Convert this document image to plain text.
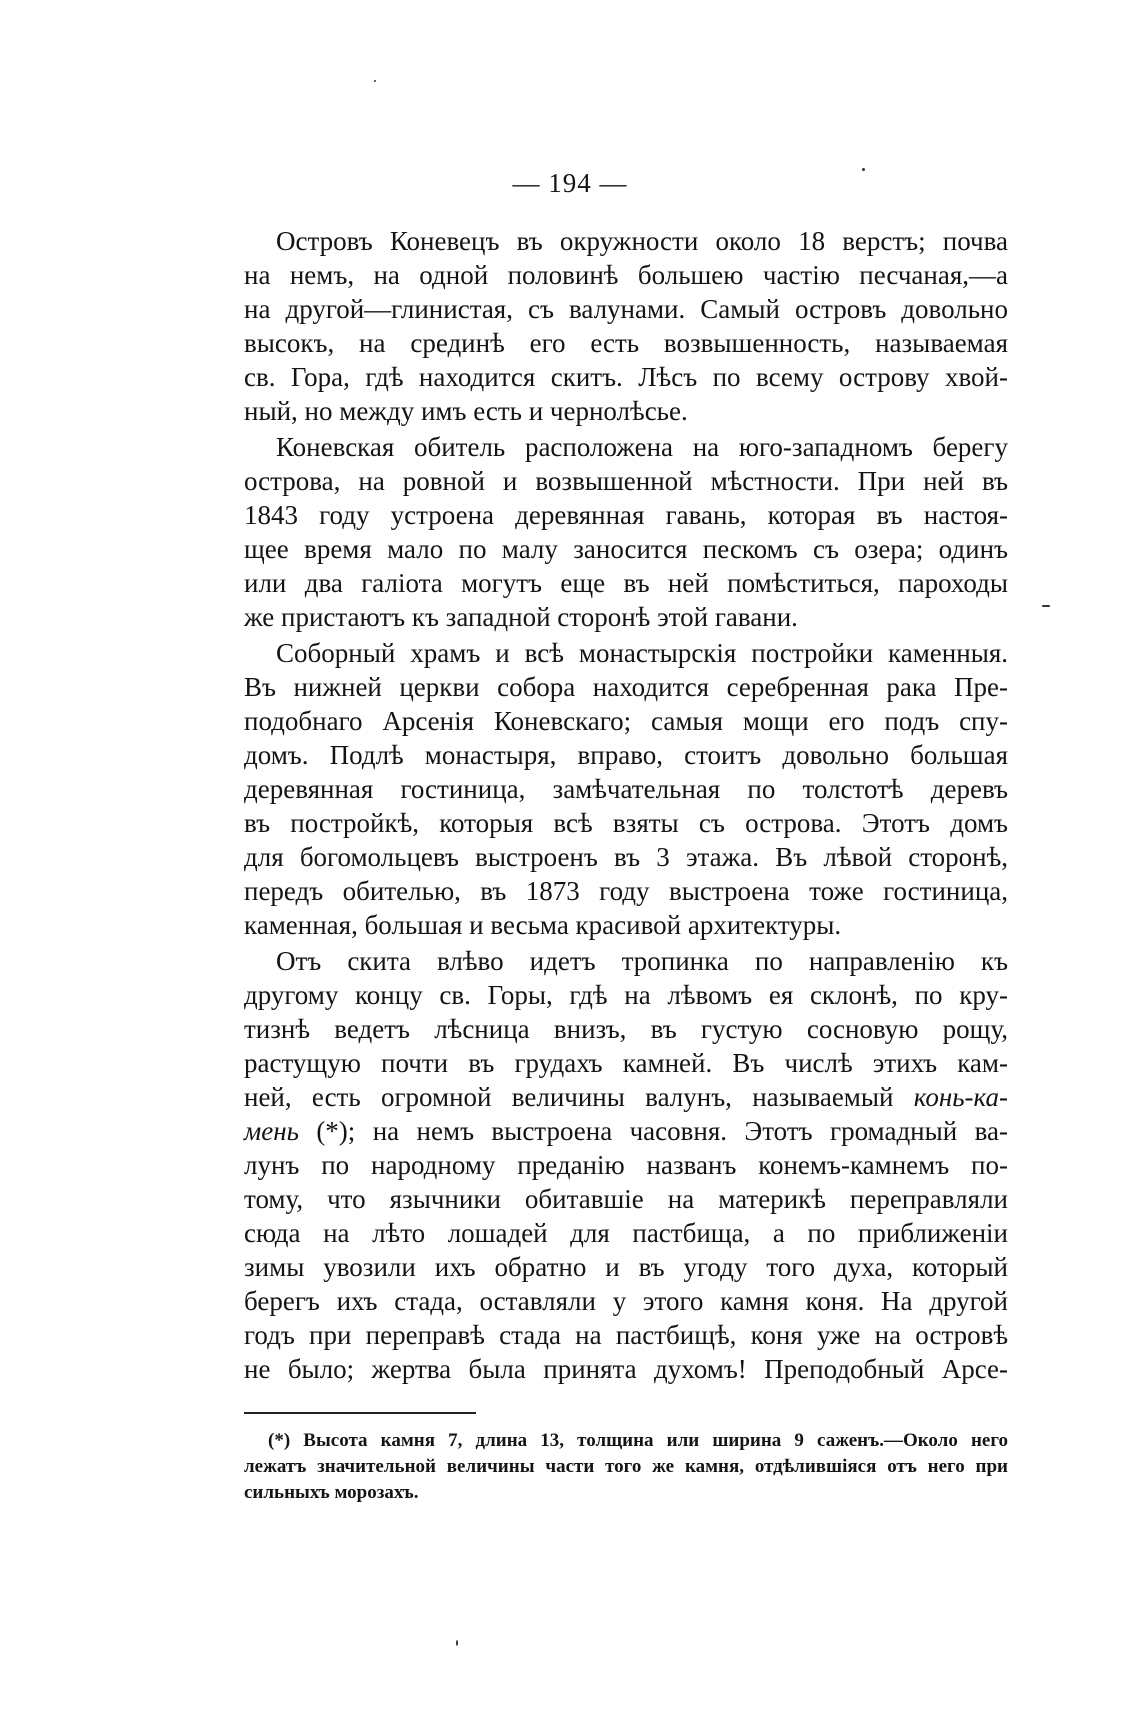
— 194 —
Островъ Коневецъ въ окружности около 18 верстъ; почва
на немъ, на одной половинѣ большею частію песчаная,—а
на другой—глинистая, съ валунами. Самый островъ довольно
высокъ, на срединѣ его есть возвышенность, называемая
св. Гора, гдѣ находится скитъ. Лѣсъ по всему острову хвой-
ный, но между имъ есть и чернолѣсье.
Коневская обитель расположена на юго-западномъ берегу
острова, на ровной и возвышенной мѣстности. При ней въ
1843 году устроена деревянная гавань, которая въ настоя-
щее время мало по малу заносится пескомъ съ озера; одинъ
или два галіота могутъ еще въ ней помѣститься, пароходы
же пристаютъ къ западной сторонѣ этой гавани.
Соборный храмъ и всѣ монастырскія постройки каменныя.
Въ нижней церкви собора находится серебренная рака Пре-
подобнаго Арсенія Коневскаго; самыя мощи его подъ спу-
домъ. Подлѣ монастыря, вправо, стоитъ довольно большая
деревянная гостиница, замѣчательная по толстотѣ деревъ
въ постройкѣ, которыя всѣ взяты съ острова. Этотъ домъ
для богомольцевъ выстроенъ въ 3 этажа. Въ лѣвой сторонѣ,
передъ обителью, въ 1873 году выстроена тоже гостиница,
каменная, большая и весьма красивой архитектуры.
Отъ скита влѣво идетъ тропинка по направленію къ
другому концу св. Горы, гдѣ на лѣвомъ ея склонѣ, по кру-
тизнѣ ведетъ лѣсница внизъ, въ густую сосновую рощу,
растущую почти въ грудахъ камней. Въ числѣ этихъ кам-
ней, есть огромной величины валунъ, называемый конь-ка-
мень (*); на немъ выстроена часовня. Этотъ громадный ва-
лунъ по народному преданію названъ конемъ-камнемъ по-
тому, что язычники обитавшіе на материкѣ переправляли
сюда на лѣто лошадей для пастбища, а по приближеніи
зимы увозили ихъ обратно и въ угоду того духа, который
берегъ ихъ стада, оставляли у этого камня коня. На другой
годъ при переправѣ стада на пастбищѣ, коня уже на островѣ
не было; жертва была принята духомъ! Преподобный Арсе-
(*) Высота камня 7, длина 13, толщина или ширина 9 саженъ.—Около него
лежатъ значительной величины части того же камня, отдѣлившіяся отъ него при
сильныхъ морозахъ.
